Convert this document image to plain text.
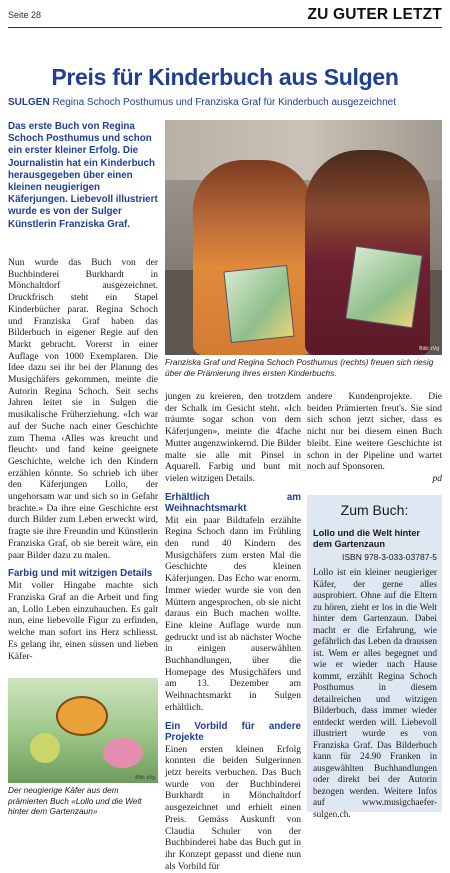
Seite 28	ZU GUTER LETZT
Preis für Kinderbuch aus Sulgen
SULGEN Regina Schoch Posthumus und Franziska Graf für Kinderbuch ausgezeichnet
Das erste Buch von Regina Schoch Posthumus und schon ein erster kleiner Erfolg. Die Journalistin hat ein Kinderbuch herausgegeben über einen kleinen neugierigen Käferjungen. Liebevoll illustriert wurde es von der Sulger Künstlerin Franziska Graf.

Nun wurde das Buch von der Buchbinderei Burkhardt in Mönchaltdorf ausgezeichnet. Druckfrisch steht ein Stapel Kinderbücher parat. Regina Schoch und Franziska Graf haben das Bilderbuch in eigener Regie auf den Markt gebracht. Vorerst in einer Auflage von 1000 Exemplaren. Die Idee dazu sei ihr bei der Planung des Musigchäfers gekommen, meinte die Autorin Regina Schoch. Seit sechs Jahren leitet sie in Sulgen die musikalische Früherziehung. «Ich war auf der Suche nach einer Geschichte zum Thema ‹Alles was kreucht und fleucht› und fand keine geeignete Geschichte, welche ich den Kindern erzählen könnte. So schrieb ich über den Käferjungen Lollo, der ungehorsam war und sich so in Gefahr brachte.» Da ihre eine Geschichte erst durch Bilder zum Leben erweckt wird, fragte sie ihre Freundin und Künstlerin Franziska Graf, ob sie bereit wäre, ein paar Bilder dazu zu malen.

Farbig und mit witzigen Details

Mit voller Hingabe machte sich Franziska Graf an die Arbeit und fing an, Lollo Leben einzuhauchen. Es galt nun, eine liebevolle Figur zu erfinden, welche man sofort ins Herz schliesst. Es gelang ihr, einen süssen und lieben Käfer-

Bild: zVg
Franziska Graf und Regina Schoch Posthumus (rechts) freuen sich riesig über die Prämierung ihres ersten Kinderbuchs.

jungen zu kreieren, den trotzdem der Schalk im Gesicht steht. «Ich träumte sogar schon von dem Käferjungen», meinte die 4fache Mutter augenzwinkernd. Die Bilder malte sie alle mit Pinsel in Aquarell. Farbig und bunt mit vielen witzigen Details.

Erhältlich am Weihnachtsmarkt

Mit ein paar Bildtafeln erzählte Regina Schoch dann im Frühling den rund 40 Kindern des Musigchäfers zum ersten Mal die Geschichte des kleinen Käferjungen. Das Echo war enorm. Immer wieder wurde sie von den Müttern angesprochen, ob sie nicht daraus ein Buch machen wollte. Eine kleine Auflage wurde nun gedruckt und ist ab nächster Woche in einigen auserwählten Buchhandlungen, über die Homepage des Musigchäfers und am 13. Dezember am Weihnachtsmarkt in Sulgen erhältlich.

Ein Vorbild für andere Projekte

Einen ersten kleinen Erfolg konnten die beiden Sulgerinnen jetzt bereits verbuchen. Das Buch wurde von der Buchbinderei Burkhardt in Mönchaltdorf ausgezeichnet und erhielt einen Preis. Gemäss Auskunft von Claudia Schuler von der Buchbinderei habe das Buch gut in ihr Konzept gepasst und diene nun als Vorbild für

andere Kundenprojekte. Die beiden Prämierten freut's. Sie sind sich schon jetzt sicher, dass es nicht nur bei diesem einen Buch bleibt. Eine weitere Geschichte ist schon in der Pipeline und wartet noch auf Sponsoren.

pd

Zum Buch:
Lollo und die Welt hinter dem Gartenzaun
ISBN 978-3-033-03787-5
Lollo ist ein kleiner neugieriger Käfer, der gerne alles ausprobiert. Ohne auf die Eltern zu hören, zieht er los in die Welt hinter dem Gartenzaun. Dabei macht er die Erfahrung, wie gefährlich das Leben da draussen ist. Wem er alles begegnet und wie er wieder nach Hause kommt, erzählt Regina Schoch Posthumus in diesem detailreichen und witzigen Bilderbuch, dass immer wieder entdeckt werden will. Liebevoll illustriert wurde es von Franziska Graf. Das Bilderbuch kann für 24.90 Franken in ausgewählten Buchhandlungen oder direkt bei der Autorin bezogen werden. Weitere Infos auf www.musigchaefer-sulgen.ch.
Bild: zVg
Der neugierige Käfer aus dem prämierten Buch «Lollo und die Welt hinter dem Gartenzaun»
